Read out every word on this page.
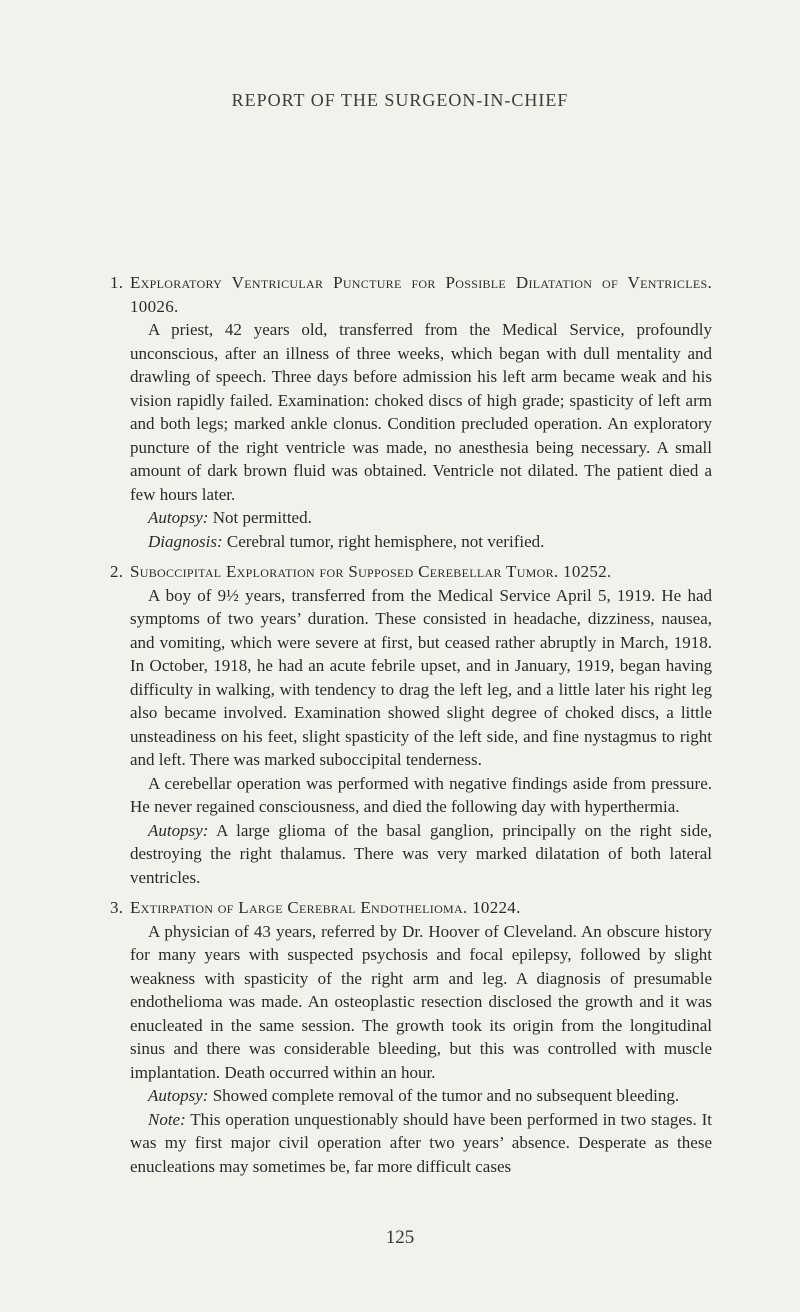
REPORT OF THE SURGEON-IN-CHIEF
1. Exploratory Ventricular Puncture for Possible Dilatation of Ventricles. 10026.

A priest, 42 years old, transferred from the Medical Service, profoundly unconscious, after an illness of three weeks, which began with dull mentality and drawling of speech. Three days before admission his left arm became weak and his vision rapidly failed. Examination: choked discs of high grade; spasticity of left arm and both legs; marked ankle clonus. Condition precluded operation. An exploratory puncture of the right ventricle was made, no anesthesia being necessary. A small amount of dark brown fluid was obtained. Ventricle not dilated. The patient died a few hours later.

Autopsy: Not permitted.

Diagnosis: Cerebral tumor, right hemisphere, not verified.

2. Suboccipital Exploration for Supposed Cerebellar Tumor. 10252.

A boy of 9½ years, transferred from the Medical Service April 5, 1919. He had symptoms of two years’ duration. These consisted in headache, dizziness, nausea, and vomiting, which were severe at first, but ceased rather abruptly in March, 1918. In October, 1918, he had an acute febrile upset, and in January, 1919, began having difficulty in walking, with tendency to drag the left leg, and a little later his right leg also became involved. Examination showed slight degree of choked discs, a little unsteadiness on his feet, slight spasticity of the left side, and fine nystagmus to right and left. There was marked suboccipital tenderness.

A cerebellar operation was performed with negative findings aside from pressure. He never regained consciousness, and died the following day with hyperthermia.

Autopsy: A large glioma of the basal ganglion, principally on the right side, destroying the right thalamus. There was very marked dilatation of both lateral ventricles.

3. Extirpation of Large Cerebral Endothelioma. 10224.

A physician of 43 years, referred by Dr. Hoover of Cleveland. An obscure history for many years with suspected psychosis and focal epilepsy, followed by slight weakness with spasticity of the right arm and leg. A diagnosis of presumable endothelioma was made. An osteoplastic resection disclosed the growth and it was enucleated in the same session. The growth took its origin from the longitudinal sinus and there was considerable bleeding, but this was controlled with muscle implantation. Death occurred within an hour.

Autopsy: Showed complete removal of the tumor and no subsequent bleeding.

Note: This operation unquestionably should have been performed in two stages. It was my first major civil operation after two years’ absence. Desperate as these enucleations may sometimes be, far more difficult cases

125
